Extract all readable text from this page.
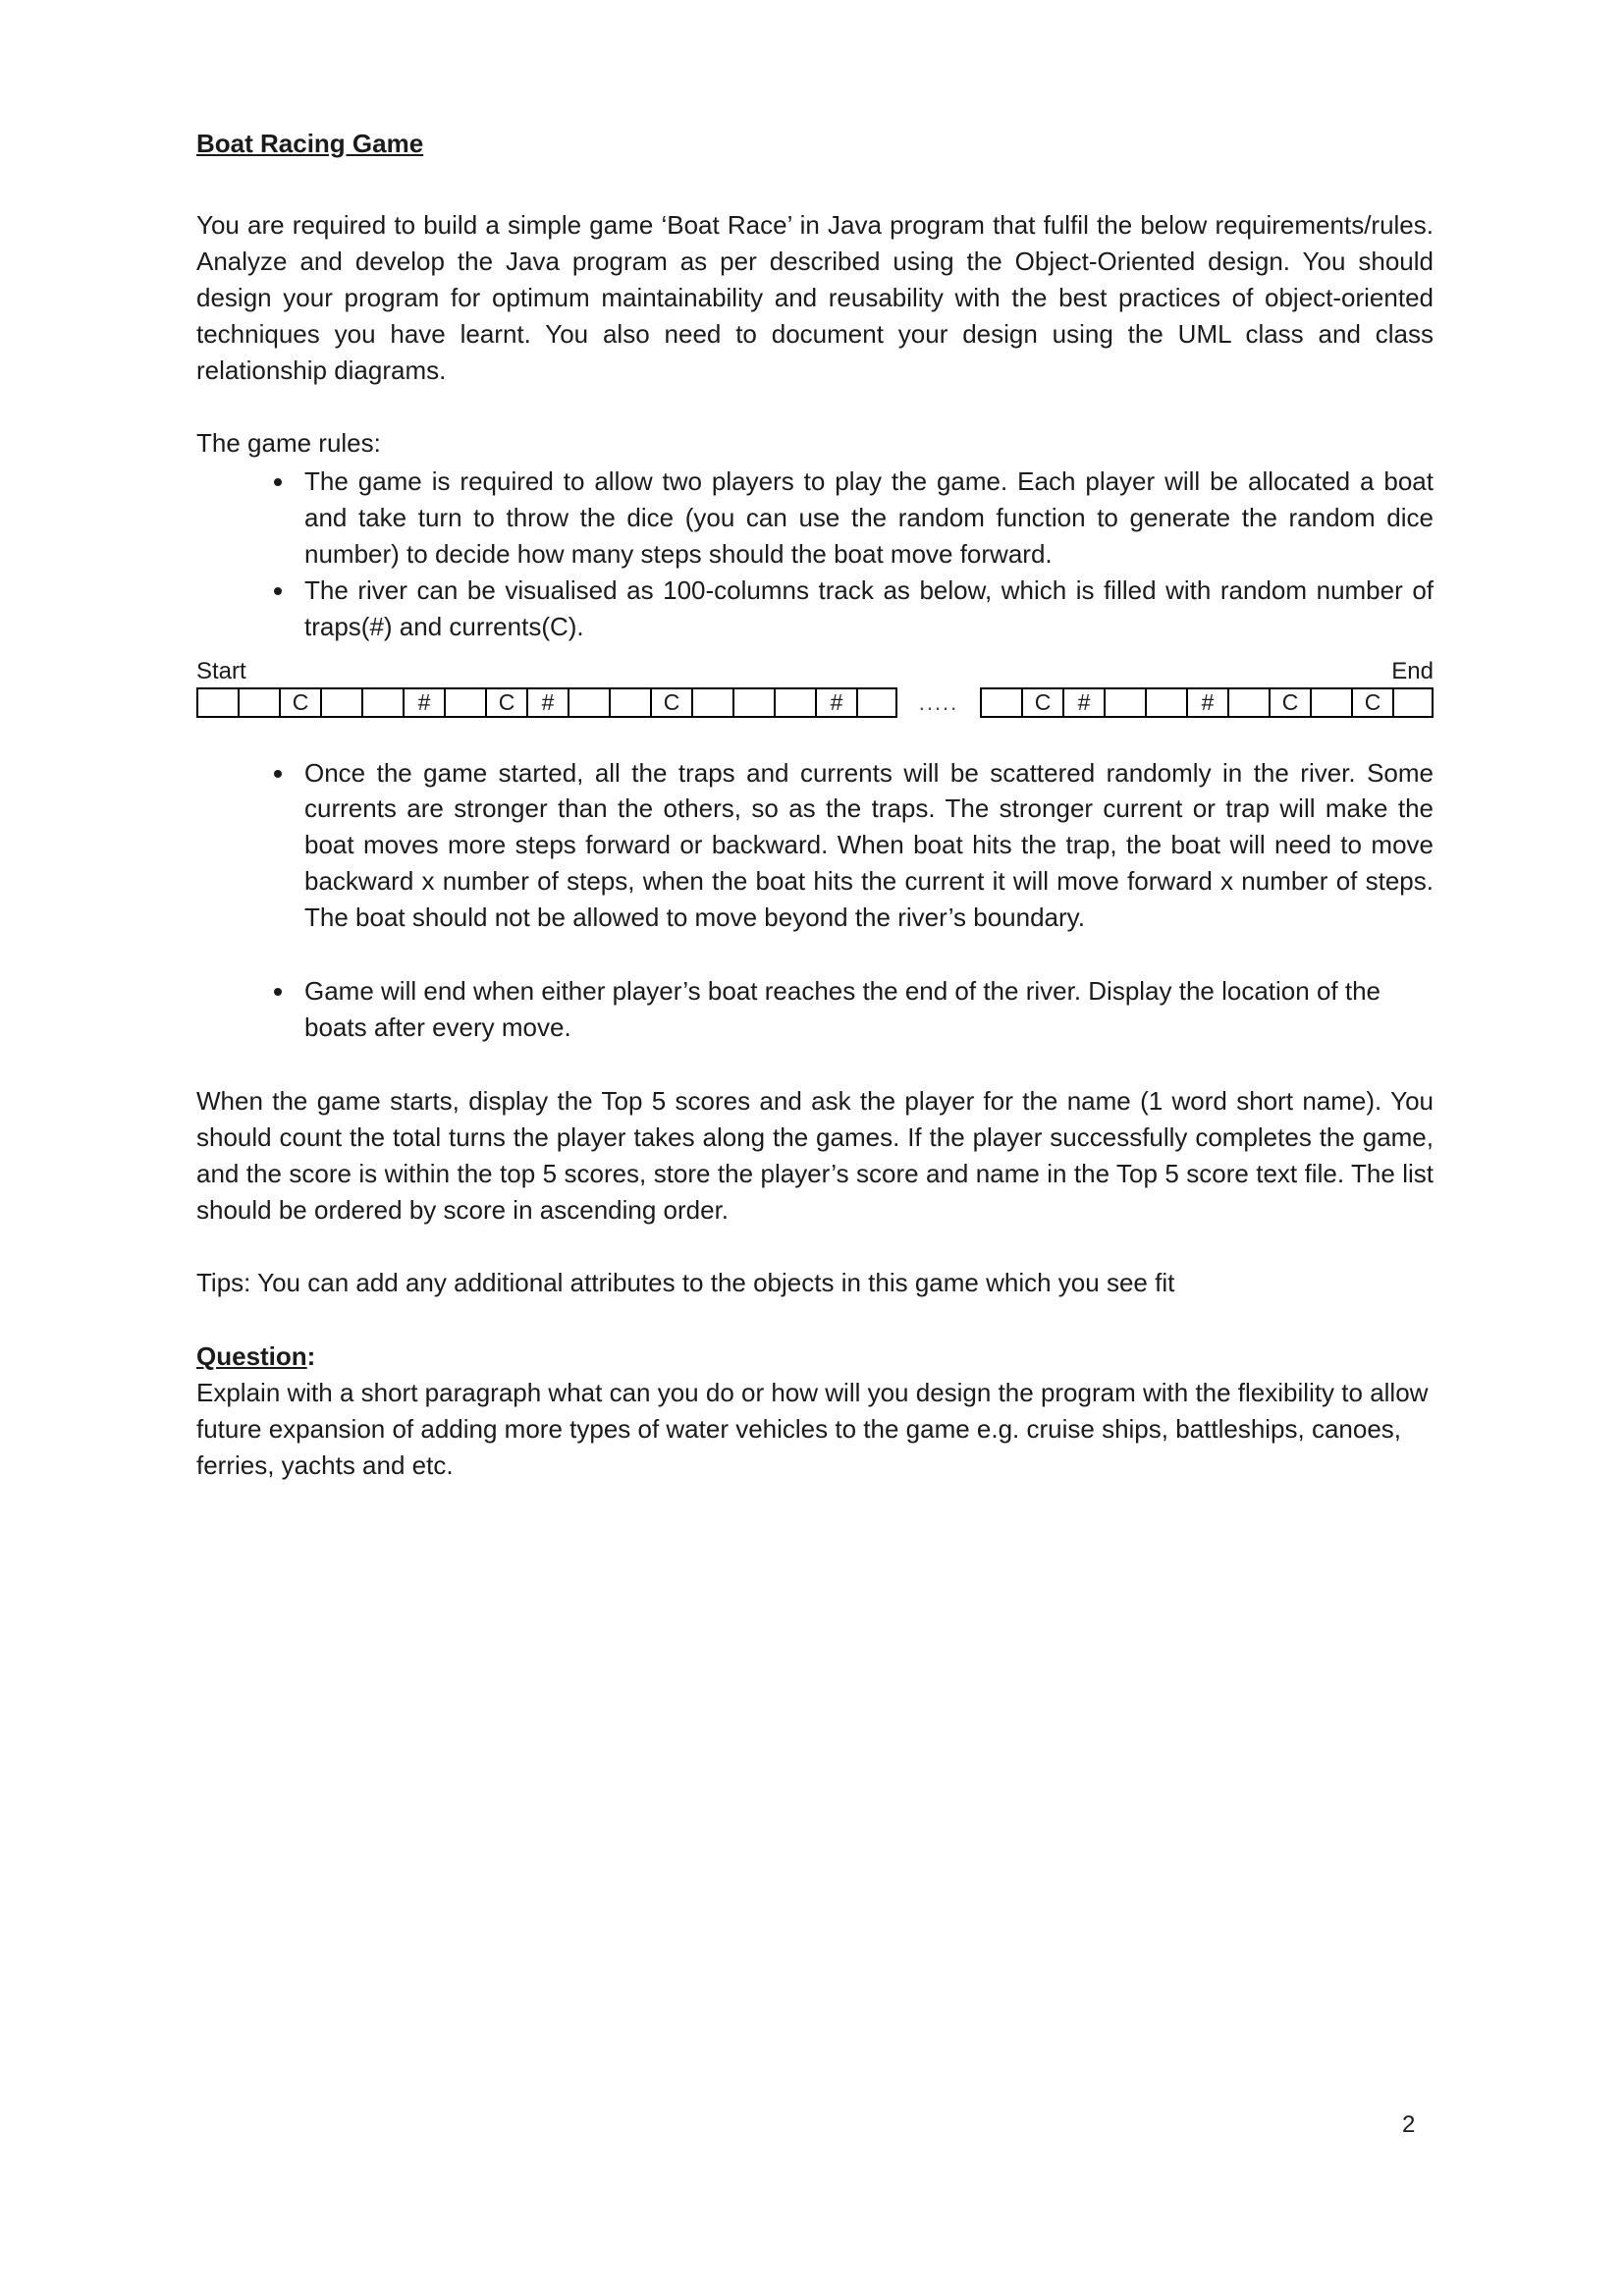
Boat Racing Game

You are required to build a simple game ‘Boat Race’ in Java program that fulfil the below requirements/rules. Analyze and develop the Java program as per described using the Object-Oriented design. You should design your program for optimum maintainability and reusability with the best practices of object-oriented techniques you have learnt. You also need to document your design using the UML class and class relationship diagrams.

The game rules:

• The game is required to allow two players to play the game. Each player will be allocated a boat and take turn to throw the dice (you can use the random function to generate the random dice number) to decide how many steps should the boat move forward.
• The river can be visualised as 100-columns track as below, which is filled with random number of traps(#) and currents(C).
Start	End
C	#	C	#	C	#	.....	C	#	#	C	C
• Once the game started, all the traps and currents will be scattered randomly in the river. Some currents are stronger than the others, so as the traps. The stronger current or trap will make the boat moves more steps forward or backward. When boat hits the trap, the boat will need to move backward x number of steps, when the boat hits the current it will move forward x number of steps. The boat should not be allowed to move beyond the river’s boundary.
• Game will end when either player’s boat reaches the end of the river. Display the location of the boats after every move.

When the game starts, display the Top 5 scores and ask the player for the name (1 word short name). You should count the total turns the player takes along the games. If the player successfully completes the game, and the score is within the top 5 scores, store the player’s score and name in the Top 5 score text file. The list should be ordered by score in ascending order.

Tips: You can add any additional attributes to the objects in this game which you see fit

Question:

Explain with a short paragraph what can you do or how will you design the program with the flexibility to allow future expansion of adding more types of water vehicles to the game e.g. cruise ships, battleships, canoes, ferries, yachts and etc.

2
